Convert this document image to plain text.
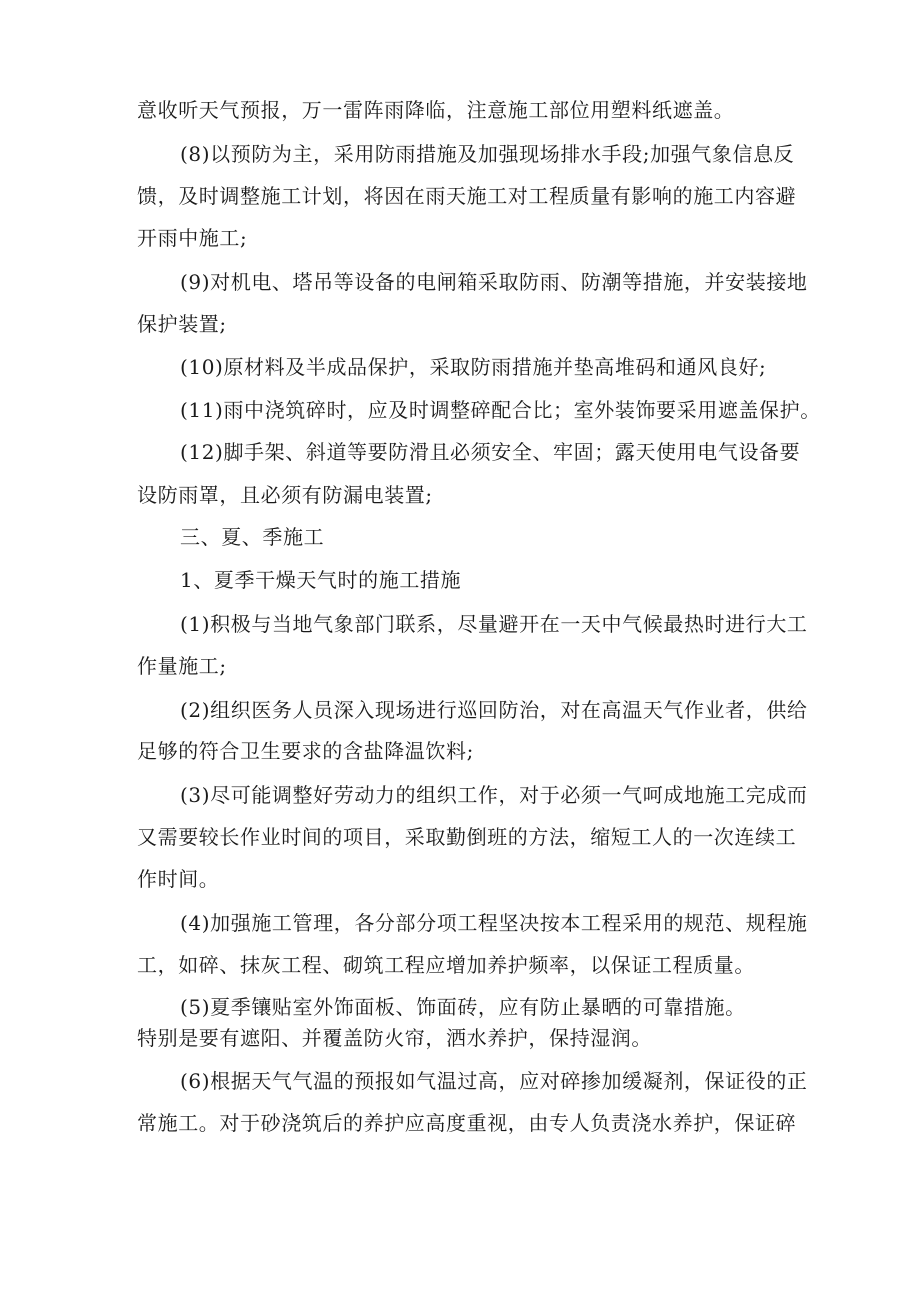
意收听天气预报，万一雷阵雨降临，注意施工部位用塑料纸遮盖。
(8)以预防为主，采用防雨措施及加强现场排水手段;加强气象信息反
馈，及时调整施工计划，将因在雨天施工对工程质量有影响的施工内容避
开雨中施工;
(9)对机电、塔吊等设备的电闸箱采取防雨、防潮等措施，并安装接地
保护装置;
(10)原材料及半成品保护，采取防雨措施并垫高堆码和通风良好;
(11)雨中浇筑碎时，应及时调整碎配合比；室外装饰要采用遮盖保护。
(12)脚手架、斜道等要防滑且必须安全、牢固；露天使用电气设备要
设防雨罩，且必须有防漏电装置;
三、夏、季施工
1、夏季干燥天气时的施工措施
(1)积极与当地气象部门联系，尽量避开在一天中气候最热时进行大工
作量施工;
(2)组织医务人员深入现场进行巡回防治，对在高温天气作业者，供给
足够的符合卫生要求的含盐降温饮料;
(3)尽可能调整好劳动力的组织工作，对于必须一气呵成地施工完成而
又需要较长作业时间的项目，采取勤倒班的方法，缩短工人的一次连续工
作时间。
(4)加强施工管理，各分部分项工程坚决按本工程采用的规范、规程施
工，如碎、抹灰工程、砌筑工程应增加养护频率，以保证工程质量。
(5)夏季镶贴室外饰面板、饰面砖，应有防止暴晒的可靠措施。
特别是要有遮阳、并覆盖防火帘，洒水养护，保持湿润。
(6)根据天气气温的预报如气温过高，应对碎掺加缓凝剂，保证役的正
常施工。对于砂浇筑后的养护应高度重视，由专人负责浇水养护，保证碎
